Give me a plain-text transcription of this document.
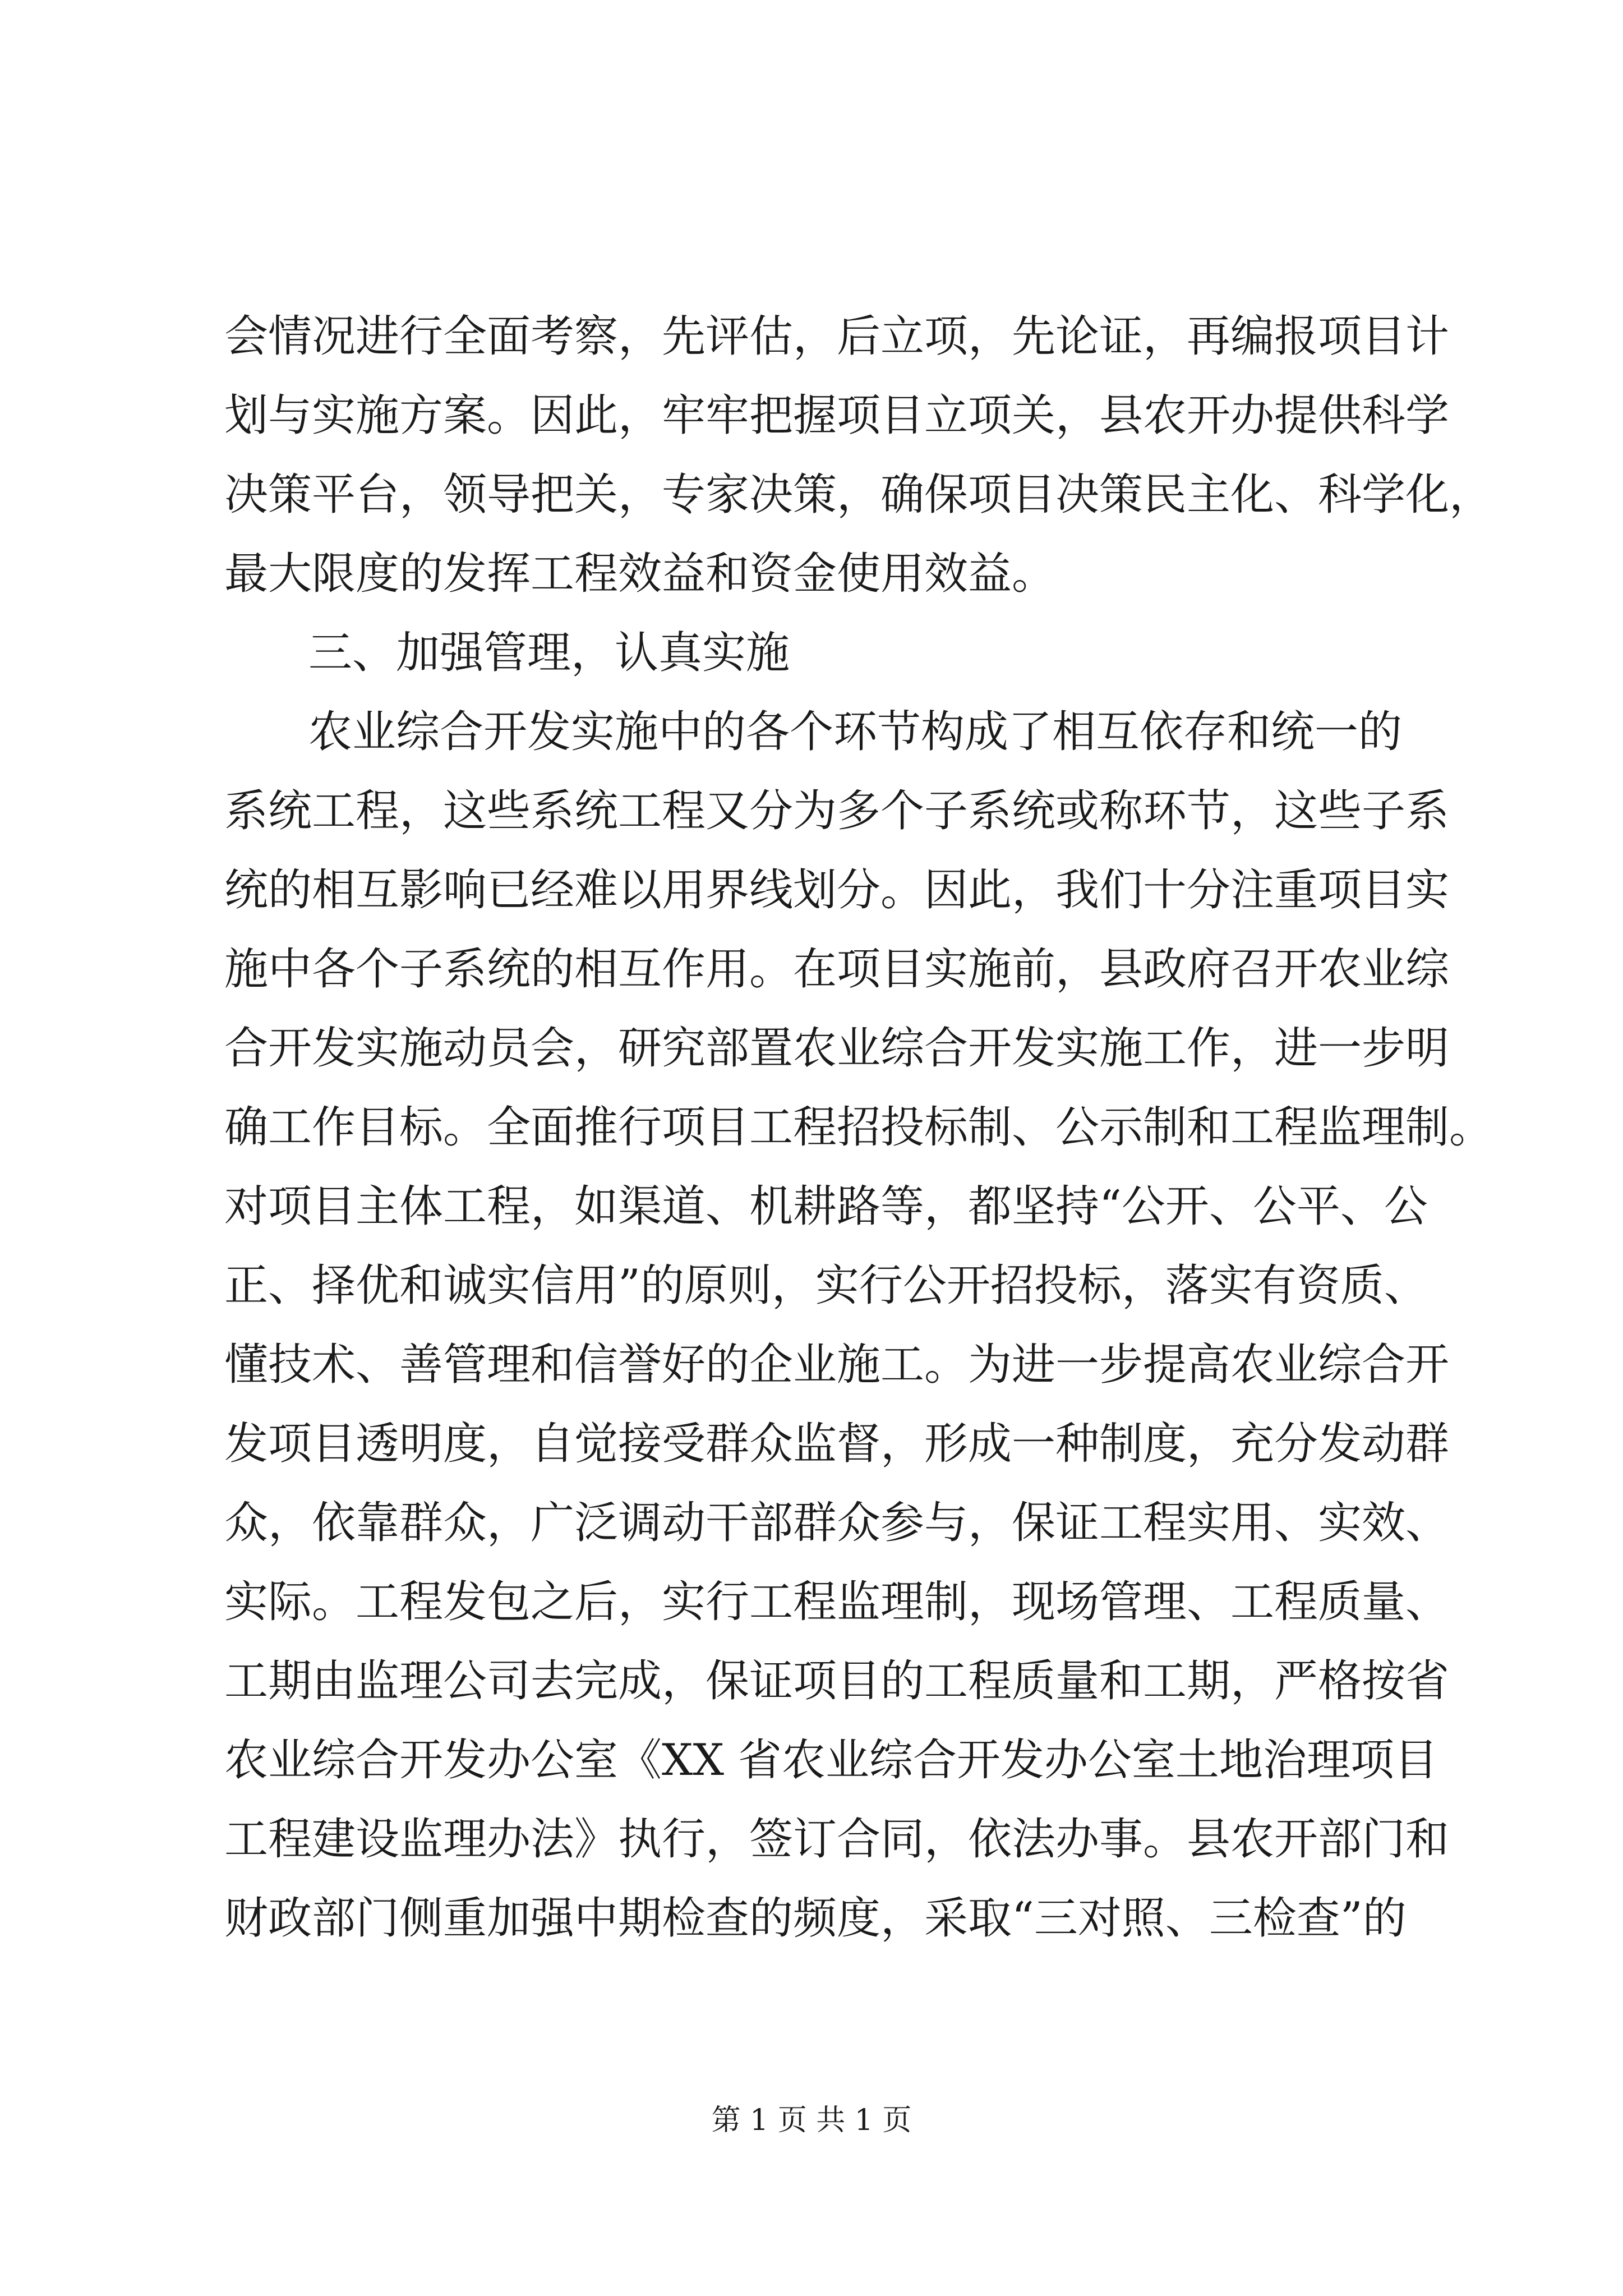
会情况进行全面考察，先评估，后立项，先论证，再编报项目计
划与实施方案。因此，牢牢把握项目立项关，县农开办提供科学
决策平台，领导把关，专家决策，确保项目决策民主化、科学化，
最大限度的发挥工程效益和资金使用效益。
三、加强管理，认真实施
农业综合开发实施中的各个环节构成了相互依存和统一的
系统工程，这些系统工程又分为多个子系统或称环节，这些子系
统的相互影响已经难以用界线划分。因此，我们十分注重项目实
施中各个子系统的相互作用。在项目实施前，县政府召开农业综
合开发实施动员会，研究部置农业综合开发实施工作，进一步明
确工作目标。全面推行项目工程招投标制、公示制和工程监理制。
对项目主体工程，如渠道、机耕路等，都坚持“公开、公平、公
正、择优和诚实信用”的原则，实行公开招投标，落实有资质、
懂技术、善管理和信誉好的企业施工。为进一步提高农业综合开
发项目透明度，自觉接受群众监督，形成一种制度，充分发动群
众，依靠群众，广泛调动干部群众参与，保证工程实用、实效、
实际。工程发包之后，实行工程监理制，现场管理、工程质量、
工期由监理公司去完成，保证项目的工程质量和工期，严格按省
农业综合开发办公室《XX 省农业综合开发办公室土地治理项目
工程建设监理办法》执行，签订合同，依法办事。县农开部门和
财政部门侧重加强中期检查的频度，采取“三对照、三检查”的
第 1 页 共 1 页
